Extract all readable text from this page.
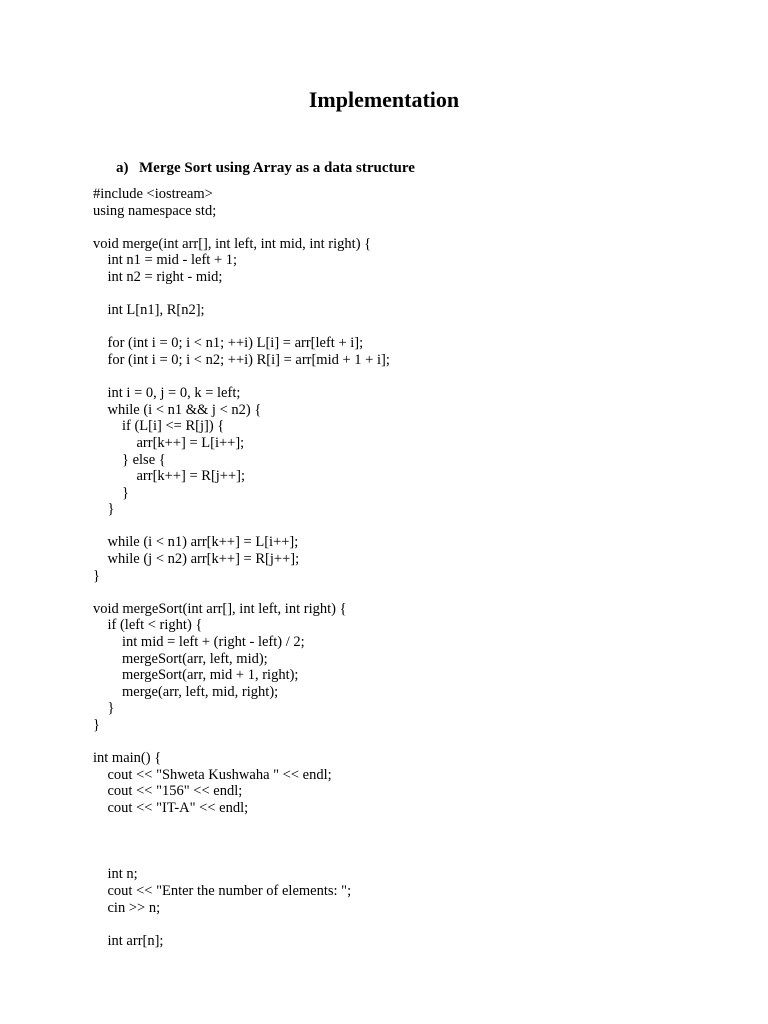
Implementation
a) Merge Sort using Array as a data structure
#include <iostream>
using namespace std;
void merge(int arr[], int left, int mid, int right) {
int n1 = mid - left + 1;
int n2 = right - mid;
int L[n1], R[n2];
for (int i = 0; i < n1; ++i) L[i] = arr[left + i];
for (int i = 0; i < n2; ++i) R[i] = arr[mid + 1 + i];
int i = 0, j = 0, k = left;
while (i < n1 && j < n2) {
if (L[i] <= R[j]) {
arr[k++] = L[i++];
} else {
arr[k++] = R[j++];
}
}
while (i < n1) arr[k++] = L[i++];
while (j < n2) arr[k++] = R[j++];
}
void mergeSort(int arr[], int left, int right) {
if (left < right) {
int mid = left + (right - left) / 2;
mergeSort(arr, left, mid);
mergeSort(arr, mid + 1, right);
merge(arr, left, mid, right);
}
}
int main() {
cout << "Shweta Kushwaha " << endl;
cout << "156" << endl;
cout << "IT-A" << endl;
int n;
cout << "Enter the number of elements: ";
cin >> n;
int arr[n];
